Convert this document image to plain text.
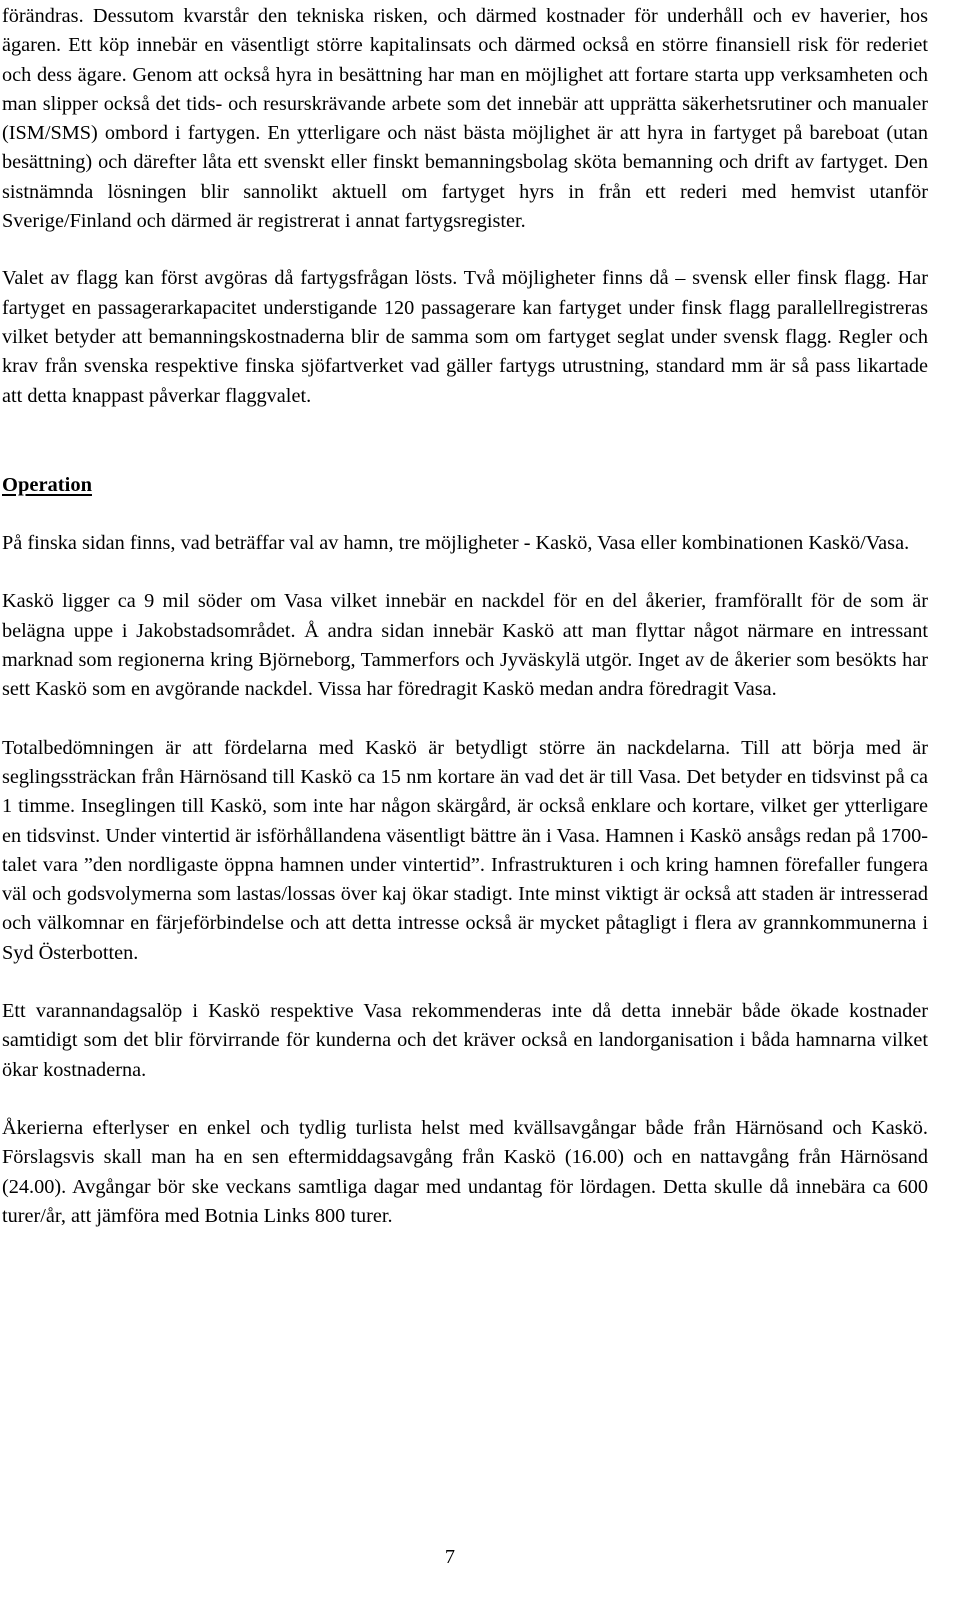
förändras. Dessutom kvarstår den tekniska risken, och därmed kostnader för underhåll och ev haverier, hos ägaren. Ett köp innebär en väsentligt större kapitalinsats och därmed också en större finansiell risk för rederiet och dess ägare. Genom att också hyra in besättning har man en möjlighet att fortare starta upp verksamheten och man slipper också det tids- och resurskrävande arbete som det innebär att upprätta säkerhetsrutiner och manualer (ISM/SMS) ombord i fartygen. En ytterligare och näst bästa möjlighet är att hyra in fartyget på bareboat (utan besättning) och därefter låta ett svenskt eller finskt bemanningsbolag sköta bemanning och drift av fartyget. Den sistnämnda lösningen blir sannolikt aktuell om fartyget hyrs in från ett rederi med hemvist utanför Sverige/Finland och därmed är registrerat i annat fartygsregister.

Valet av flagg kan först avgöras då fartygsfrågan lösts. Två möjligheter finns då – svensk eller finsk flagg. Har fartyget en passagerarkapacitet understigande 120 passagerare kan fartyget under finsk flagg parallellregistreras vilket betyder att bemanningskostnaderna blir de samma som om fartyget seglat under svensk flagg. Regler och krav från svenska respektive finska sjöfartverket vad gäller fartygs utrustning, standard mm är så pass likartade att detta knappast påverkar flaggvalet.

Operation

På finska sidan finns, vad beträffar val av hamn, tre möjligheter - Kaskö, Vasa eller kombinationen Kaskö/Vasa.

Kaskö ligger ca 9 mil söder om Vasa vilket innebär en nackdel för en del åkerier, framförallt för de som är belägna uppe i Jakobstadsområdet. Å andra sidan innebär Kaskö att man flyttar något närmare en intressant marknad som regionerna kring Björneborg, Tammerfors och Jyväskylä utgör. Inget av de åkerier som besökts har sett Kaskö som en avgörande nackdel. Vissa har föredragit Kaskö medan andra föredragit Vasa.

Totalbedömningen är att fördelarna med Kaskö är betydligt större än nackdelarna. Till att börja med är seglingssträckan från Härnösand till Kaskö ca 15 nm kortare än vad det är till Vasa. Det betyder en tidsvinst på ca 1 timme. Inseglingen till Kaskö, som inte har någon skärgård, är också enklare och kortare, vilket ger ytterligare en tidsvinst. Under vintertid är isförhållandena väsentligt bättre än i Vasa. Hamnen i Kaskö ansågs redan på 1700-talet vara ”den nordligaste öppna hamnen under vintertid”. Infrastrukturen i och kring hamnen förefaller fungera väl och godsvolymerna som lastas/lossas över kaj ökar stadigt. Inte minst viktigt är också att staden är intresserad och välkomnar en färjeförbindelse och att detta intresse också är mycket påtagligt i flera av grannkommunerna i Syd Österbotten.

Ett varannandagsalöp i Kaskö respektive Vasa rekommenderas inte då detta innebär både ökade kostnader samtidigt som det blir förvirrande för kunderna och det kräver också en landorganisation i båda hamnarna vilket ökar kostnaderna.

Åkerierna efterlyser en enkel och tydlig turlista helst med kvällsavgångar både från Härnösand och Kaskö. Förslagsvis skall man ha en sen eftermiddagsavgång från Kaskö (16.00) och en nattavgång från Härnösand (24.00). Avgångar bör ske veckans samtliga dagar med undantag för lördagen. Detta skulle då innebära ca 600 turer/år, att jämföra med Botnia Links 800 turer.

7
